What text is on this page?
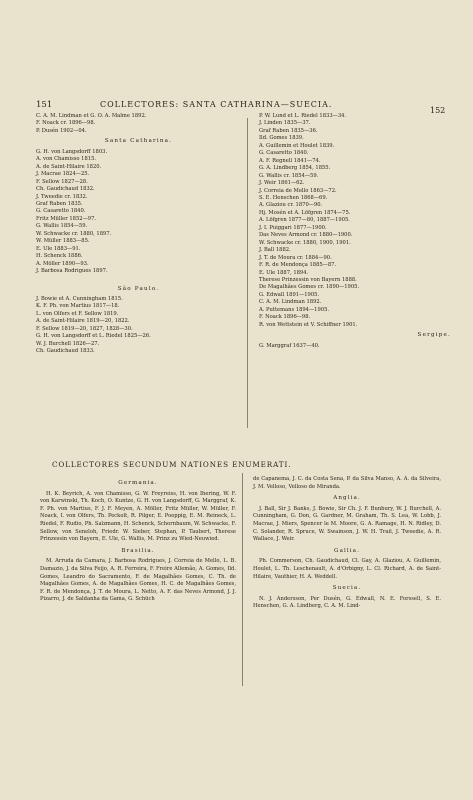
151	COLLECTORES: SANTA CATHARINA—SUECIA.
152
C. A. M. Lindman et G. O. A. Malme 1892.
F. Noack cr. 1896—98.
P. Dusén 1902—04.
Santa Catharina.
G. H. von Langsdorff 1803.
A. von Chamisso 1815.
A. de Saint-Hilaire 1820.
J. Macrae 1824—25.
F. Sellow 1827—28.
Ch. Gaudichaud 1832.
J. Tweedie cr. 1832.
Graf Raben 1835.
G. Casaretto 1840.
Fritz Müller 1852—97.
G. Wallis 1854—59.
W. Schwacke cr. 1880, 1897.
W. Müller 1883—85.
E. Ule 1883—91.
H. Schenck 1886.
A. Möller 1890—93.
J. Barbosa Rodrigues 1897.
São Paulo.
J. Bowie et A. Cunningham 1815.
K. F. Ph. von Martius 1817—18.
L. von Olfers et F. Sellow 1819.
A. de Saint-Hilaire 1819—20, 1822.
F. Sellow 1819—20, 1827, 1828—30.
G. H. von Langsdorff et L. Riedel 1825—26.
W. J. Burchell 1826—27.
Ch. Gaudichaud 1833.
P. W. Lund et L. Riedel 1833—34.
J. Linden 1835—37.
Graf Raben 1835—36.
Ild. Gomes 1839.
A. Guillemin et Houlet 1839.
G. Casaretto 1840.
A. F. Regnell 1841—74.
G. A. Lindberg 1854, 1855.
G. Wallis cr. 1854—59.
J. Weir 1861—62.
J. Correia de Mello 1863—72.
S. E. Henschen 1868—69.
A. Glaziou cr. 1870—90.
Hj. Mosén et A. Löfgren 1874—75.
A. Löfgren 1877—80, 1887—1905.
J. I. Puiggari 1877—1900.
Das Neves Armond cr. 1880—1900.
W. Schwacke cr. 1880, 1900, 1901.
J. Ball 1882.
J. T. de Moura cr. 1884—90.
F. R. de Mendonça 1885—87.
E. Ule 1887, 1894.
Therese Prinzessin von Bayern 1888.
De Magalhães Gomes cr. 1890—1905.
G. Edwall 1891—1905.
C. A. M. Lindman 1892.
A. Puttemans 1894—1905.
F. Noack 1896—98.
R. von Wettstein et V. Schiffner 1901.
Sergipe.
G. Marggraf 1637—40.
COLLECTORES SECUNDUM NATIONES ENUMERATI.
Germania.

H. K. Beyrich, A. von Chamisso, G. W. Freyreiss, H. von Ihering, W. F. von Karwinski, Th. Koch, O. Kuntze, G. H. von Langsdorff, G. Marggraf, K. F. Ph. von Martius, F. J. F. Meyen, A. Möller, Fritz Müller, W. Müller, F. Noack, I. von Olfers, Th. Peckolt, R. Pilger, E. Poeppig, E. M. Reineck, L. Riedel, F. Rudio, Ph. Salzmann, H. Schenck, Schornbaum, W. Schwacke, F. Sellow, von Seneloh, Friedr. W. Sieber, Stephan, P. Taubert, Therese Prinzessin von Bayern, E. Ule, G. Wallis, M. Prinz zu Wied-Neuwied.

Brasilia.

M. Arruda da Camara, J. Barbosa Rodrigues, J. Correia de Mello, L. B. Damazio, J. da Silva Feijo, A. R. Ferreira, F. Freire Allemão, A. Gomes, Ild. Gomes, Leandro do Sacramento, F. de Magalhães Gomes, C. Th. de Magalhães Gomes, A. de Magalhães Gomes, H. C. de Magalhães Gomes, F. R. de Mendonça, J. T. de Moura, L. Netto, A. F. das Neves Armond, J. J. Pizarro, J. de Saldanha da Gama, G. Schüch

de Capanema, J. C. da Costa Sena, P. da Silva Manso, A. A. da Silveira, J. M. Velloso, Velloso de Miranda.

Anglia.

J. Ball, Sir J. Banks, J. Bowie, Sir Ch. J. F. Bunbury, W. J. Burchell, A. Cunningham, G. Don, G. Gardner, M. Graham, Th. S. Lea, W. Lobb, J. Macrae, J. Miers, Spencer le M. Moore, G. A. Ramage, H. N. Ridley, D. C. Solander, R. Spruce, W. Swainson, J. W. H. Trail, J. Tweedie, A. R. Wallace, J. Weir.

Gallia.

Ph. Commerson, Ch. Gaudichaud, Cl. Gay, A. Glaziou, A. Guillemin, Houlet, L. Th. Leschenault, A. d'Orbigny, L. Cl. Richard, A. de Saint-Hilaire, Vauthier, H. A. Weddell.

Suecia.

N. J. Andersson, Per Dusén, G. Edwall, N. E. Forssell, S. E. Henschen, G. A. Lindberg, C. A. M. Lind-
